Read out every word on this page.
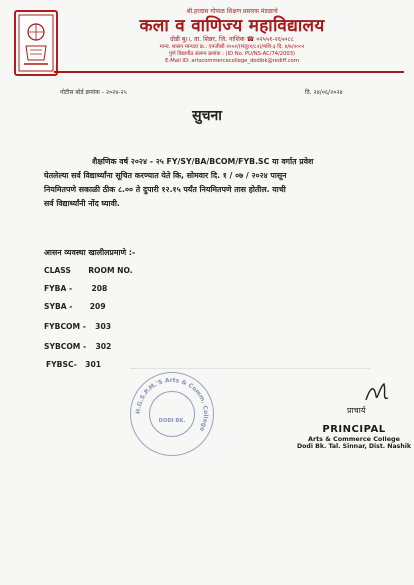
श्री.हरदास गोपाळ शिक्षण प्रसारक मंडळाचे
कला व वाणिज्य महाविद्यालय
दोडी बु।।, ता. सिन्नर, जि. नाशिक ☎ ०२५५१-२६५०८८
मान्य. शासन मान्यता क्र.: एनजीसी २००२/(मंजु/१/८२)/मशि-३ दि. ४/७/२००२
पुणे विद्यापीठ संलग्न क्रमांक : (ID No. PU/NS-AC/74/2003)
E-Mail ID: artscommercecollege_dodibk@rediff.com
नोटीस बोर्ड क्रमांक - २०२४-२५	दि. २४/०६/२०२४
सुचना
शैक्षणिक वर्ष २०२४ - २५ FY/SY/BA/BCOM/FYB.SC या वर्गात प्रवेश
घेतलेल्या सर्व विद्यार्थ्यांना सूचित करण्यात येते कि, सोमवार दि. १ / ०७ / २०२४ पासून
नियमितपणे सकाळी ठीक ८.०० ते दुपारी १२.१५ पर्यंत नियमितपणे तास होतील. याची
सर्व विद्यार्थ्यांनी नोंद घ्यावी.
आसन व्यवस्था खालीलप्रमाणे :-
CLASS ROOM NO.
FYBA -	208
SYBA - 209
FYBCOM - 303
SYBCOM - 302
FYBSC- 301
H.G.S.P.M.'S Arts & Comm. College
DODI BK.
प्राचार्य
PRINCIPAL
Arts & Commerce College
Dodi Bk. Tal. Sinnar, Dist. Nashik
